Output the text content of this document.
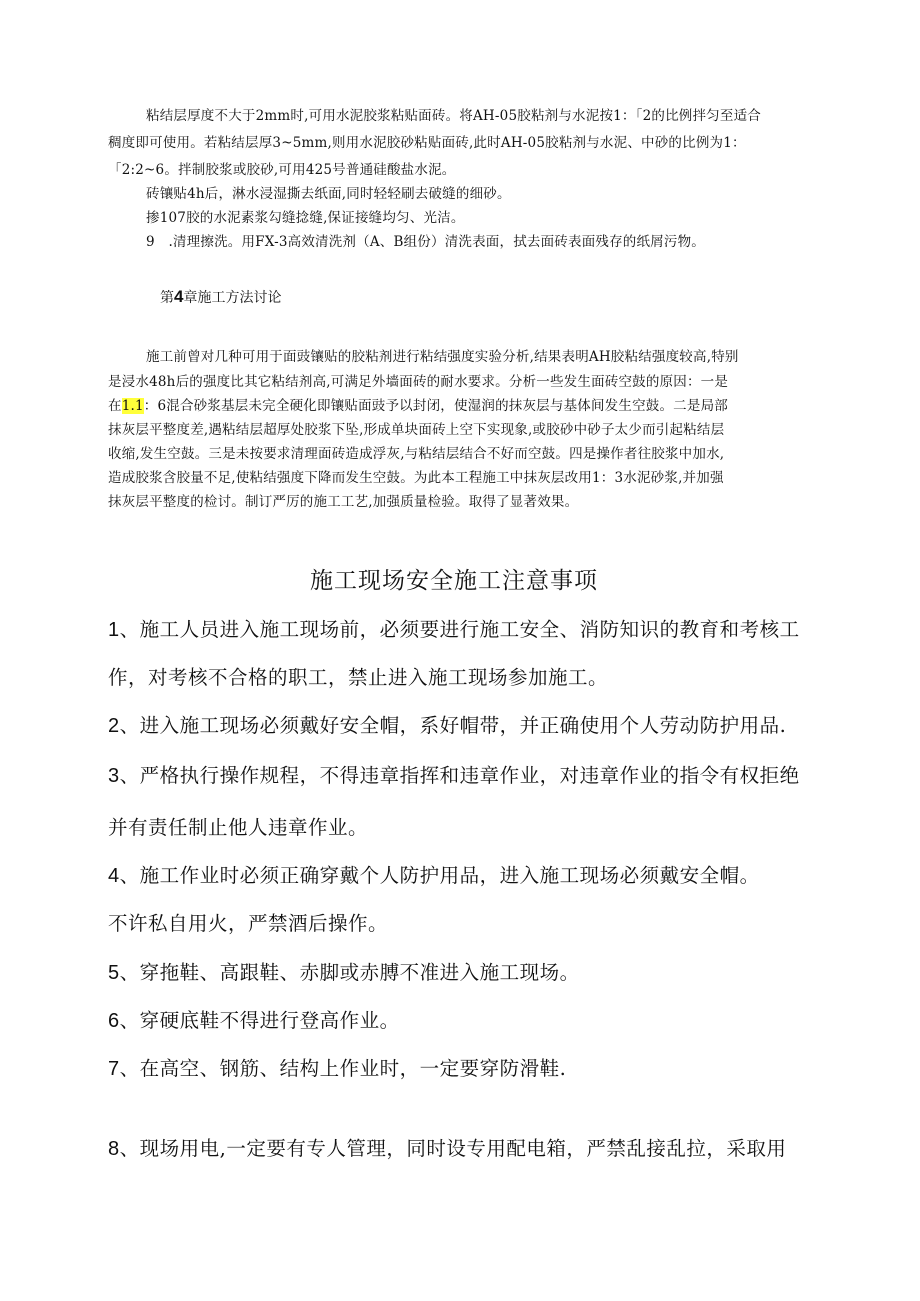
粘结层厚度不大于2mm时,可用水泥胶浆粘贴面砖。将AH-05胶粘剂与水泥按1：「2的比例拌匀至适合
稠度即可使用。若粘结层厚3~5mm,则用水泥胶砂粘贴面砖,此时AH-05胶粘剂与水泥、中砂的比例为1：
「2:2~6。拌制胶浆或胶砂,可用425号普通硅酸盐水泥。
砖镶贴4h后，淋水浸湿撕去纸面,同时轻轻刷去破缝的细砂。
掺107胶的水泥素浆勾缝捻缝,保证接缝均匀、光洁。
9　.清理擦洗。用FX-3高效清洗剂（A、B组份）清洗表面，拭去面砖表面残存的纸屑污物。
第4章施工方法讨论
施工前曾对几种可用于面豉镶贴的胶粘剂进行粘结强度实验分析,结果表明AH胶粘结强度较高,特别
是浸水48h后的强度比其它粘结剂高,可满足外墙面砖的耐水要求。分析一些发生面砖空鼓的原因：一是
在1.1：6混合砂浆基层未完全硬化即镶贴面豉予以封闭，使湿润的抹灰层与基体间发生空鼓。二是局部
抹灰层平整度差,遇粘结层超厚处胶浆下坠,形成单块面砖上空下实现象,或胶砂中砂子太少而引起粘结层
收缩,发生空鼓。三是未按要求清理面砖造成浮灰,与粘结层结合不好而空鼓。四是操作者往胶浆中加水,
造成胶浆含胶量不足,使粘结强度下降而发生空鼓。为此本工程施工中抹灰层改用1：3水泥砂浆,并加强
抹灰层平整度的检讨。制订严厉的施工工艺,加强质量检验。取得了显著效果。
施工现场安全施工注意事项
1、施工人员进入施工现场前，必须要进行施工安全、消防知识的教育和考核工
作，对考核不合格的职工，禁止进入施工现场参加施工。
2、进入施工现场必须戴好安全帽，系好帽带，并正确使用个人劳动防护用品.
3、严格执行操作规程，不得违章指挥和违章作业，对违章作业的指令有权拒绝
并有责任制止他人违章作业。
4、施工作业时必须正确穿戴个人防护用品，进入施工现场必须戴安全帽。
不许私自用火，严禁酒后操作。
5、穿拖鞋、高跟鞋、赤脚或赤膊不准进入施工现场。
6、穿硬底鞋不得进行登高作业。
7、在高空、钢筋、结构上作业时，一定要穿防滑鞋.
8、现场用电,一定要有专人管理，同时设专用配电箱，严禁乱接乱拉，采取用
